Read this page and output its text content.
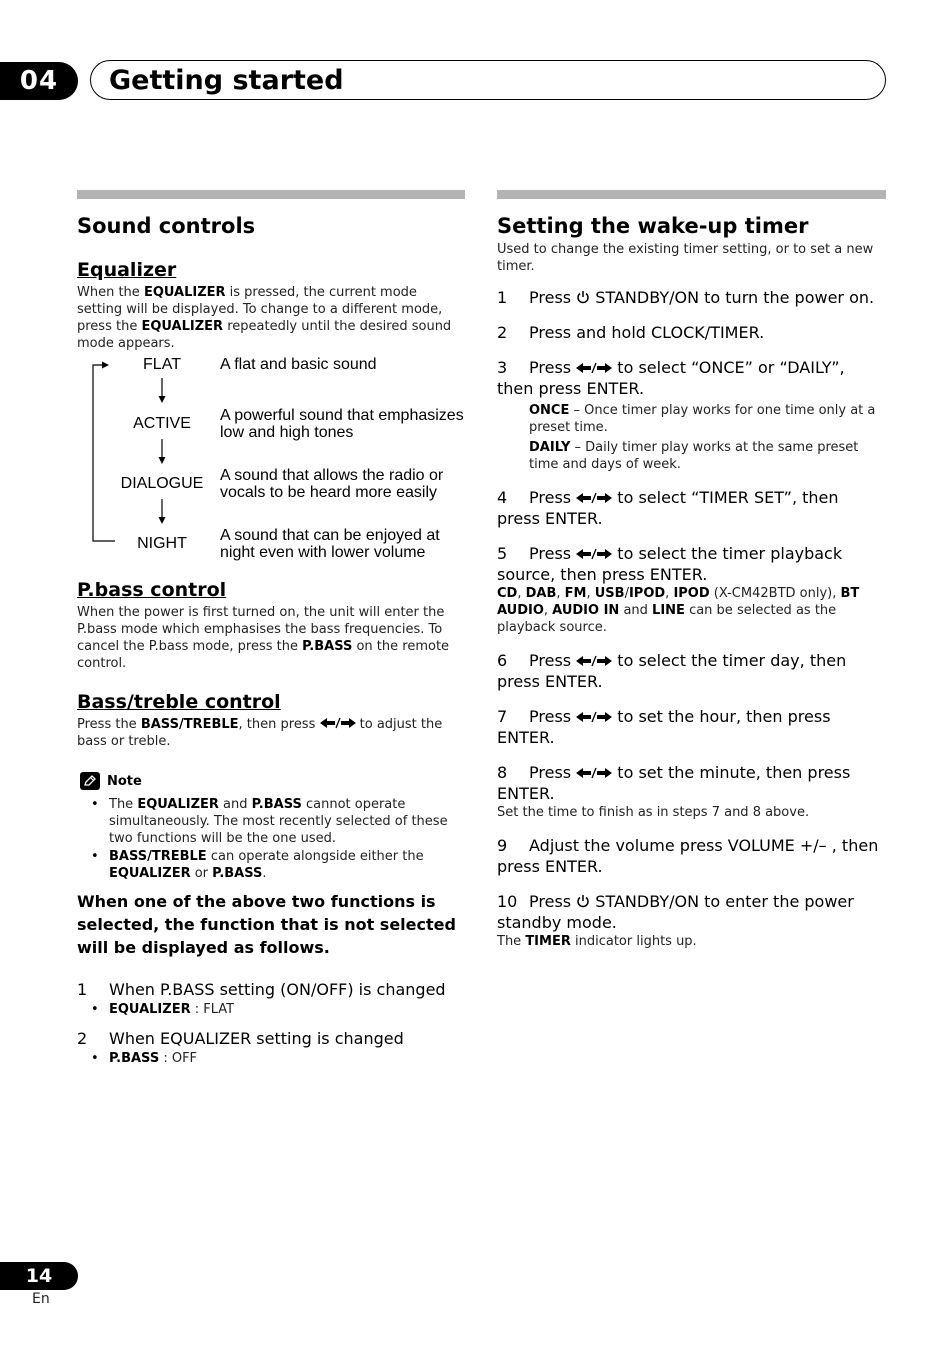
04 Getting started
Sound controls
Equalizer

When the EQUALIZER is pressed, the current mode setting will be displayed. To change to a different mode, press the EQUALIZER repeatedly until the desired sound mode appears.

FLAT	A flat and basic sound
ACTIVE	A powerful sound that emphasizes low and high tones
DIALOGUE	A sound that allows the radio or vocals to be heard more easily
NIGHT	A sound that can be enjoyed at night even with lower volume
P.bass control

When the power is first turned on, the unit will enter the P.bass mode which emphasises the bass frequencies. To cancel the P.bass mode, press the P.BASS on the remote control.

Bass/treble control

Press the BASS/TREBLE, then press	to adjust the bass or treble.

Note
• The EQUALIZER and P.BASS cannot operate simultaneously. The most recently selected of these two functions will be the one used.
• BASS/TREBLE can operate alongside either the EQUALIZER or P.BASS.
When one of the above two functions is selected, the function that is not selected will be displayed as follows.
1 When P.BASS setting (ON/OFF) is changed
• EQUALIZER : FLAT
2 When EQUALIZER setting is changed
• P.BASS : OFF
Setting the wake-up timer

Used to change the existing timer setting, or to set a new timer.

1 Press  STANDBY/ON to turn the power on.
2 Press and hold CLOCK/TIMER.
3 Press  to select “ONCE” or “DAILY”, then press ENTER.
ONCE – Once timer play works for one time only at a preset time.
DAILY – Daily timer play works at the same preset time and days of week.
4 Press  to select “TIMER SET”, then press ENTER.
5 Press  to select the timer playback source, then press ENTER.
CD, DAB, FM, USB/IPOD, IPOD (X-CM42BTD only), BT AUDIO, AUDIO IN and LINE can be selected as the playback source.
6 Press  to select the timer day, then press ENTER.
7 Press  to set the hour, then press ENTER.
8 Press  to set the minute, then press ENTER.
Set the time to finish as in steps 7 and 8 above.
9 Adjust the volume press VOLUME +/– , then press ENTER.
10 Press  STANDBY/ON to enter the power standby mode.
The TIMER indicator lights up.
14
En
